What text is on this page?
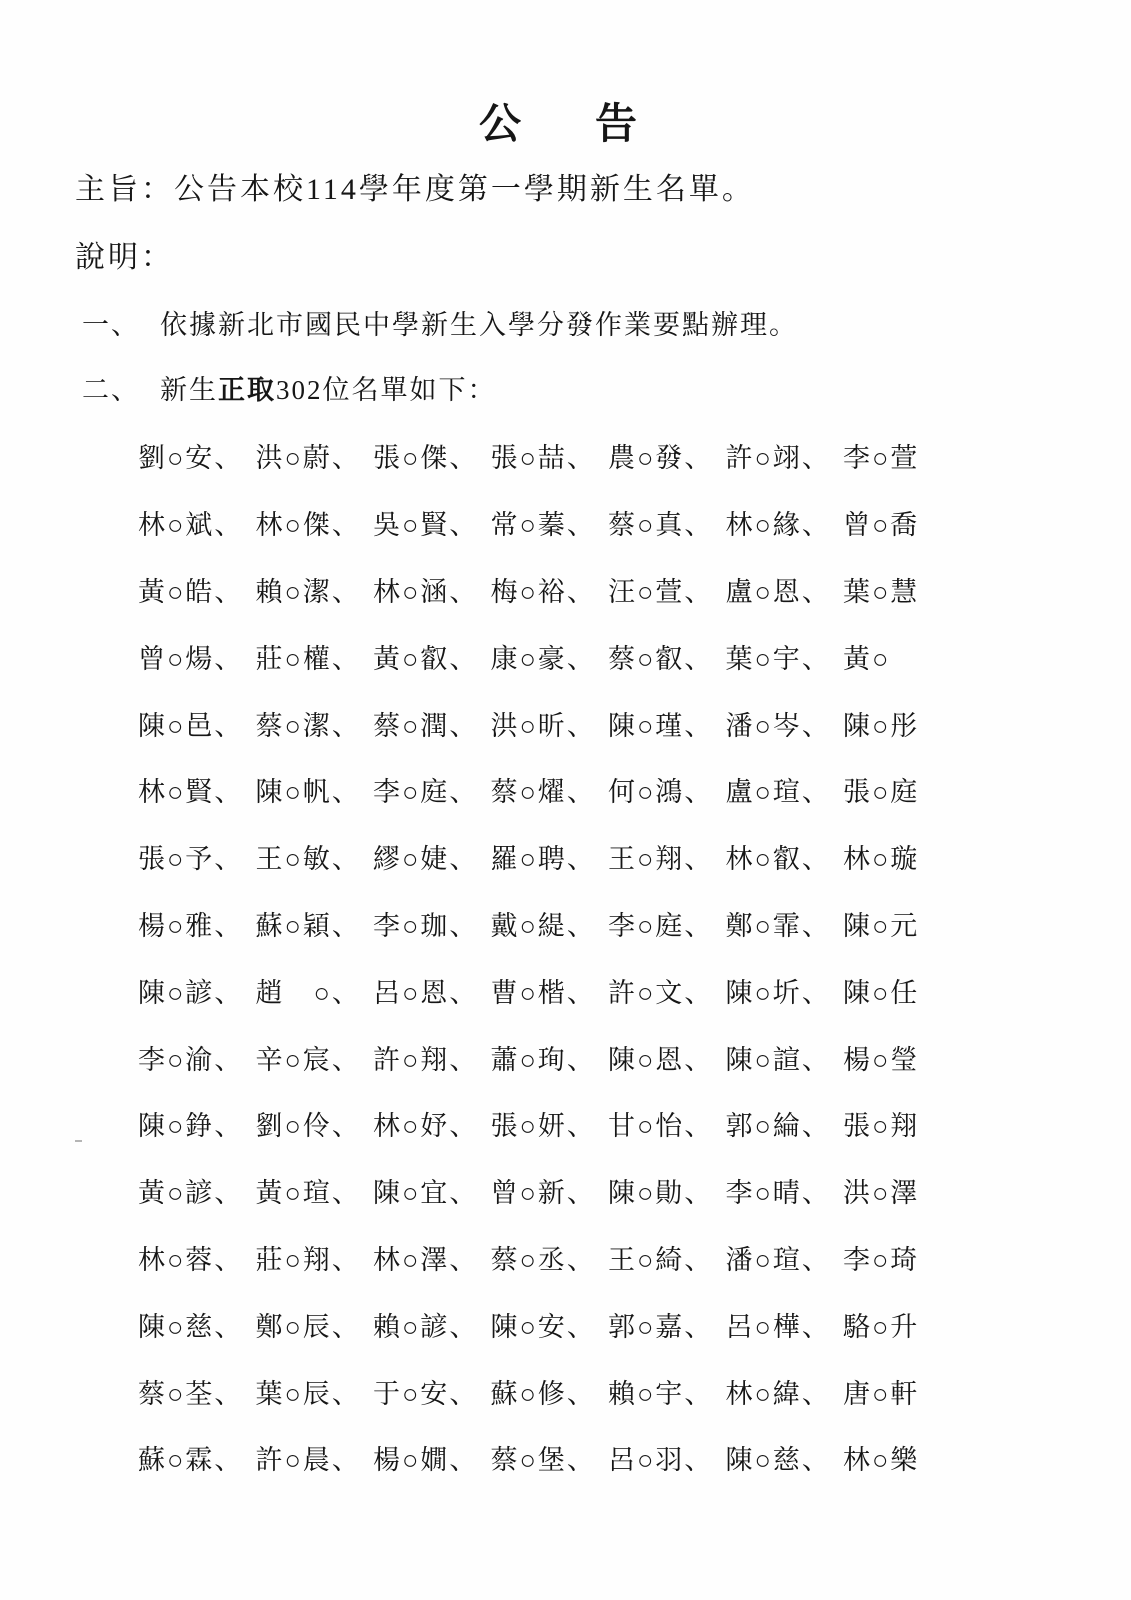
公告
主旨：公告本校114學年度第一學期新生名單。
說明：
一、 依據新北市國民中學新生入學分發作業要點辦理。
二、 新生正取302位名單如下：
劉○安、 洪○蔚、 張○傑、 張○喆、 農○發、 許○翊、 李○萱
林○斌、 林○傑、 吳○賢、 常○蓁、 蔡○真、 林○緣、 曾○喬
黃○皓、 賴○潔、 林○涵、 梅○裕、 汪○萱、 盧○恩、 葉○慧
曾○煬、 莊○權、 黃○叡、 康○豪、 蔡○叡、 葉○宇、 黃○
陳○邑、 蔡○潔、 蔡○潤、 洪○昕、 陳○瑾、 潘○岑、 陳○彤
林○賢、 陳○帆、 李○庭、 蔡○燿、 何○鴻、 盧○瑄、 張○庭
張○予、 王○敏、 繆○婕、 羅○聘、 王○翔、 林○叡、 林○璇
楊○雅、 蘇○穎、 李○珈、 戴○緹、 李○庭、 鄭○霏、 陳○元
陳○諺、 趙　○、 呂○恩、 曹○楷、 許○文、 陳○圻、 陳○任
李○渝、 辛○宸、 許○翔、 蕭○珣、 陳○恩、 陳○諠、 楊○瑩
陳○錚、 劉○伶、 林○妤、 張○妍、 甘○怡、 郭○綸、 張○翔
黃○諺、 黃○瑄、 陳○宜、 曾○新、 陳○勛、 李○晴、 洪○澤
林○蓉、 莊○翔、 林○澤、 蔡○丞、 王○綺、 潘○瑄、 李○琦
陳○慈、 鄭○辰、 賴○諺、 陳○安、 郭○嘉、 呂○樺、 駱○升
蔡○荃、 葉○辰、 于○安、 蘇○修、 賴○宇、 林○緯、 唐○軒
蘇○霖、 許○晨、 楊○嫺、 蔡○堡、 呂○羽、 陳○慈、 林○樂
